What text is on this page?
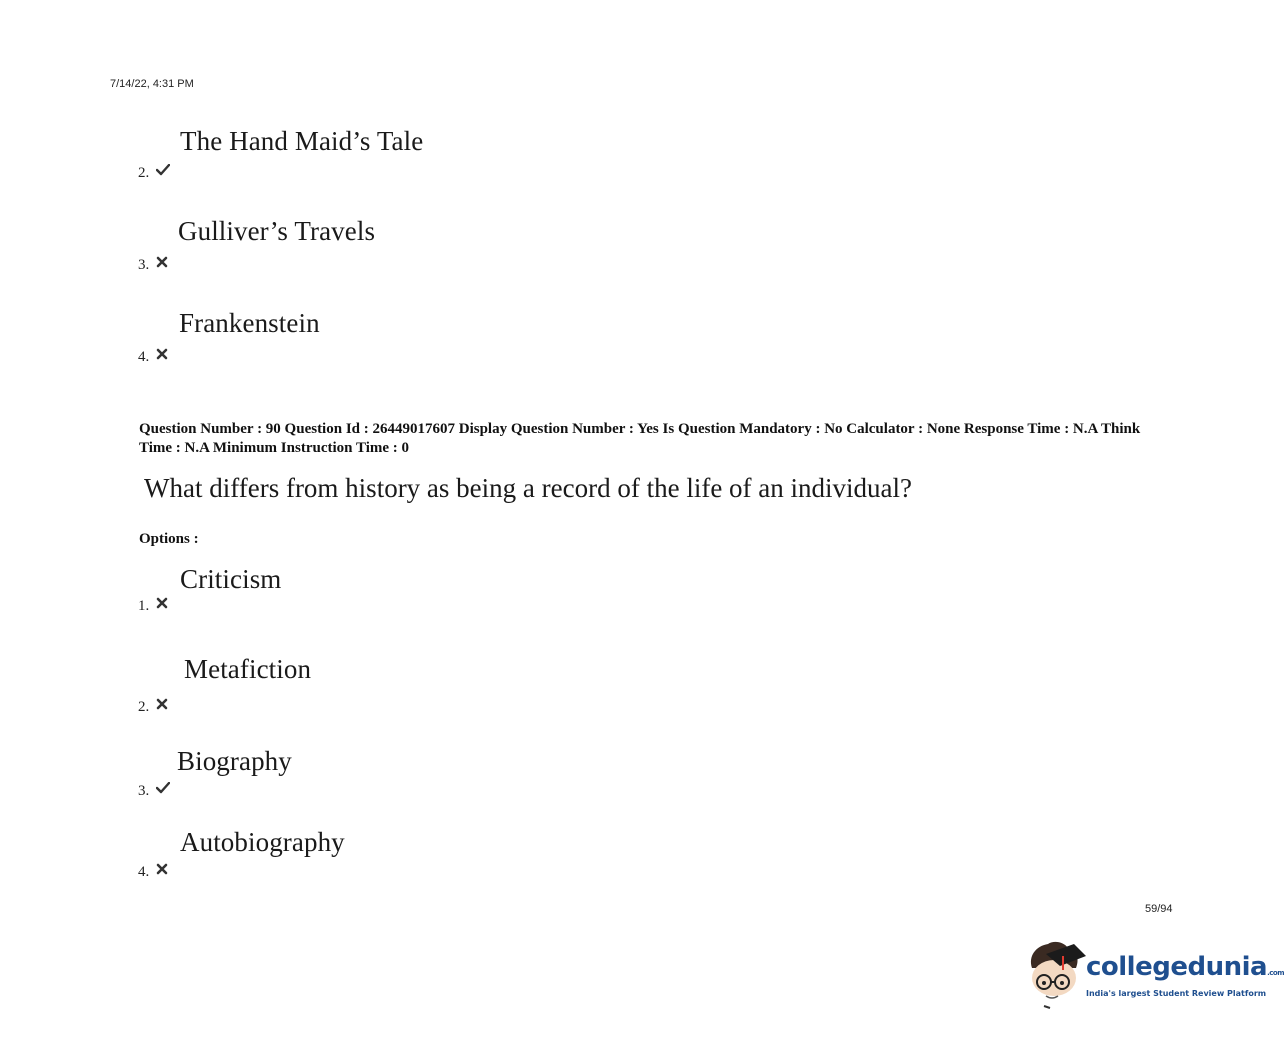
7/14/22, 4:31 PM
The Hand Maid’s Tale
2.
Gulliver’s Travels
3.
Frankenstein
4.
Question Number : 90 Question Id : 26449017607 Display Question Number : Yes Is Question Mandatory : No Calculator : None Response Time : N.A Think Time : N.A Minimum Instruction Time : 0
What differs from history as being a record of the life of an individual?
Options :
Criticism
1.
Metafiction
2.
Biography
3.
Autobiography
4.
59/94
collegedunia.com
India's largest Student Review Platform
